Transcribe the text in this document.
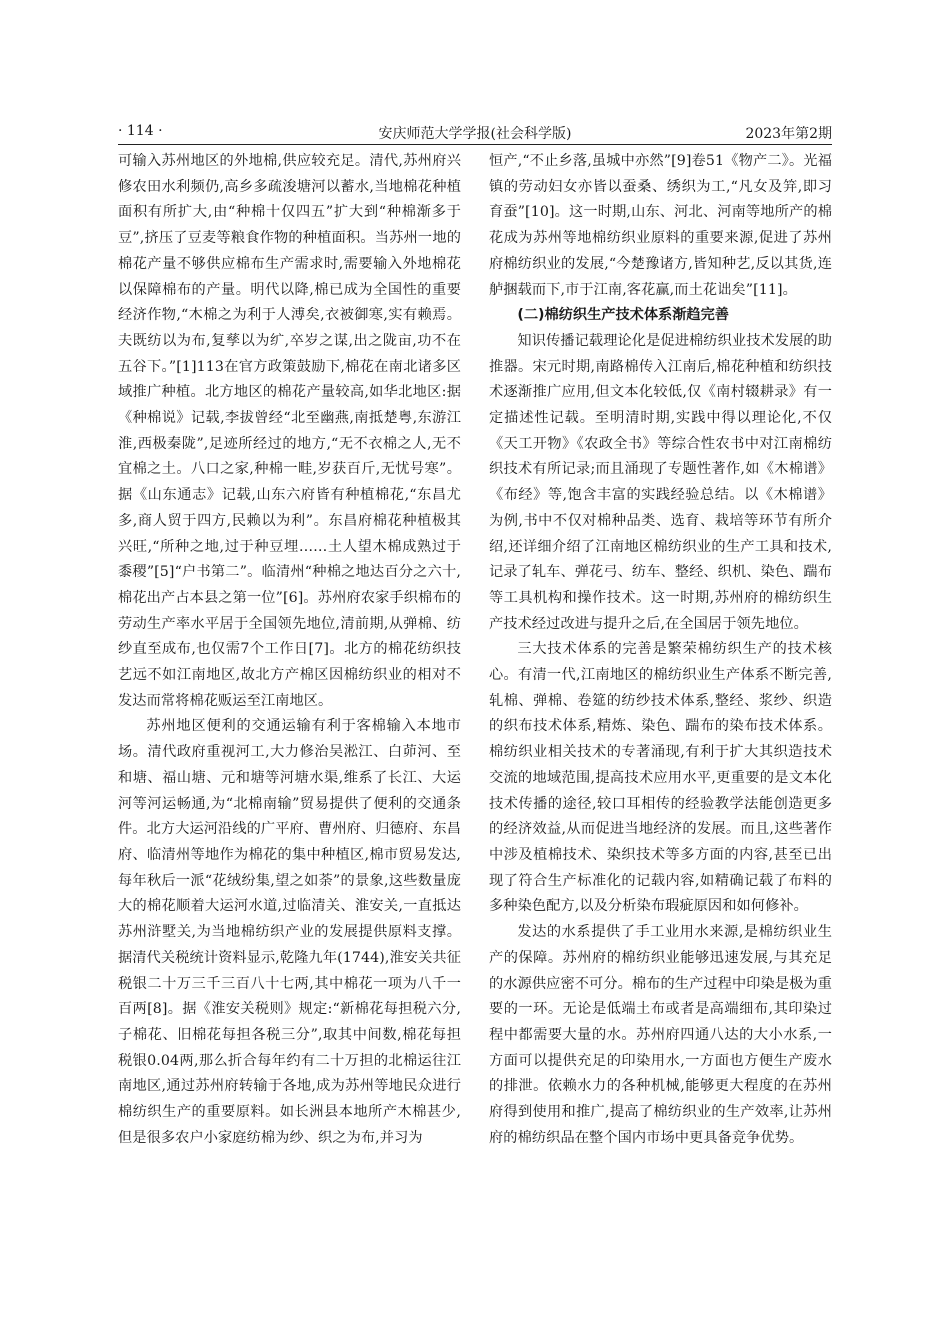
· 114 ·	安庆师范大学学报(社会科学版)	2023年第2期

可输入苏州地区的外地棉,供应较充足。清代,苏州府兴修农田水利频仍,高乡多疏浚塘河以蓄水,当地棉花种植面积有所扩大,由“种棉十仅四五”扩大到“种棉渐多于豆”,挤压了豆麦等粮食作物的种植面积。当苏州一地的棉花产量不够供应棉布生产需求时,需要输入外地棉花以保障棉布的产量。明代以降,棉已成为全国性的重要经济作物,“木棉之为利于人溥矣,衣被御寒,实有赖焉。夫既纺以为布,复孳以为纩,卒岁之谋,出之陇亩,功不在五谷下。”[1]113在官方政策鼓励下,棉花在南北诸多区域推广种植。北方地区的棉花产量较高,如华北地区:据《种棉说》记载,李拔曾经“北至幽燕,南抵楚粤,东游江淮,西极秦陇”,足迹所经过的地方,“无不衣棉之人,无不宜棉之土。八口之家,种棉一畦,岁获百斤,无忧号寒”。据《山东通志》记载,山东六府皆有种植棉花,“东昌尤多,商人贸于四方,民赖以为利”。东昌府棉花种植极其兴旺,“所种之地,过于种豆埋……土人望木棉成熟过于黍稷”[5]“户书第二”。临清州“种棉之地达百分之六十,棉花出产占本县之第一位”[6]。苏州府农家手织棉布的劳动生产率水平居于全国领先地位,清前期,从弹棉、纺纱直至成布,也仅需7个工作日[7]。北方的棉花纺织技艺远不如江南地区,故北方产棉区因棉纺织业的相对不发达而常将棉花贩运至江南地区。

苏州地区便利的交通运输有利于客棉输入本地市场。清代政府重视河工,大力修治吴淞江、白茆河、至和塘、福山塘、元和塘等河塘水渠,维系了长江、大运河等河运畅通,为“北棉南输”贸易提供了便利的交通条件。北方大运河沿线的广平府、曹州府、归德府、东昌府、临清州等地作为棉花的集中种植区,棉市贸易发达,每年秋后一派“花绒纷集,望之如荼”的景象,这些数量庞大的棉花顺着大运河水道,过临清关、淮安关,一直抵达苏州浒墅关,为当地棉纺织产业的发展提供原料支撑。据清代关税统计资料显示,乾隆九年(1744),淮安关共征税银二十万三千三百八十七两,其中棉花一项为八千一百两[8]。据《淮安关税则》规定:“新棉花每担税六分,子棉花、旧棉花每担各税三分”,取其中间数,棉花每担税银0.04两,那么折合每年约有二十万担的北棉运往江南地区,通过苏州府转输于各地,成为苏州等地民众进行棉纺织生产的重要原料。如长洲县本地所产木棉甚少,但是很多农户小家庭纺棉为纱、织之为布,并习为

恒产,“不止乡落,虽城中亦然”[9]卷51《物产二》。光福镇的劳动妇女亦皆以蚕桑、绣织为工,“凡女及笄,即习育蚕”[10]。这一时期,山东、河北、河南等地所产的棉花成为苏州等地棉纺织业原料的重要来源,促进了苏州府棉纺织业的发展,“今楚豫诸方,皆知种艺,反以其货,连舻捆载而下,市于江南,客花赢,而土花诎矣”[11]。

(二)棉纺织生产技术体系渐趋完善

知识传播记载理论化是促进棉纺织业技术发展的助推器。宋元时期,南路棉传入江南后,棉花种植和纺织技术逐渐推广应用,但文本化较低,仅《南村辍耕录》有一定描述性记载。至明清时期,实践中得以理论化,不仅《天工开物》《农政全书》等综合性农书中对江南棉纺织技术有所记录;而且涌现了专题性著作,如《木棉谱》《布经》等,饱含丰富的实践经验总结。以《木棉谱》为例,书中不仅对棉种品类、选育、栽培等环节有所介绍,还详细介绍了江南地区棉纺织业的生产工具和技术,记录了轧车、弹花弓、纺车、整经、织机、染色、踹布等工具机构和操作技术。这一时期,苏州府的棉纺织生产技术经过改进与提升之后,在全国居于领先地位。

三大技术体系的完善是繁荣棉纺织生产的技术核心。有清一代,江南地区的棉纺织业生产体系不断完善,轧棉、弹棉、卷筵的纺纱技术体系,整经、浆纱、织造的织布技术体系,精炼、染色、踹布的染布技术体系。棉纺织业相关技术的专著涌现,有利于扩大其织造技术交流的地域范围,提高技术应用水平,更重要的是文本化技术传播的途径,较口耳相传的经验教学法能创造更多的经济效益,从而促进当地经济的发展。而且,这些著作中涉及植棉技术、染织技术等多方面的内容,甚至已出现了符合生产标准化的记载内容,如精确记载了布料的多种染色配方,以及分析染布瑕疵原因和如何修补。

发达的水系提供了手工业用水来源,是棉纺织业生产的保障。苏州府的棉纺织业能够迅速发展,与其充足的水源供应密不可分。棉布的生产过程中印染是极为重要的一环。无论是低端土布或者是高端细布,其印染过程中都需要大量的水。苏州府四通八达的大小水系,一方面可以提供充足的印染用水,一方面也方便生产废水的排泄。依赖水力的各种机械,能够更大程度的在苏州府得到使用和推广,提高了棉纺织业的生产效率,让苏州府的棉纺织品在整个国内市场中更具备竞争优势。
